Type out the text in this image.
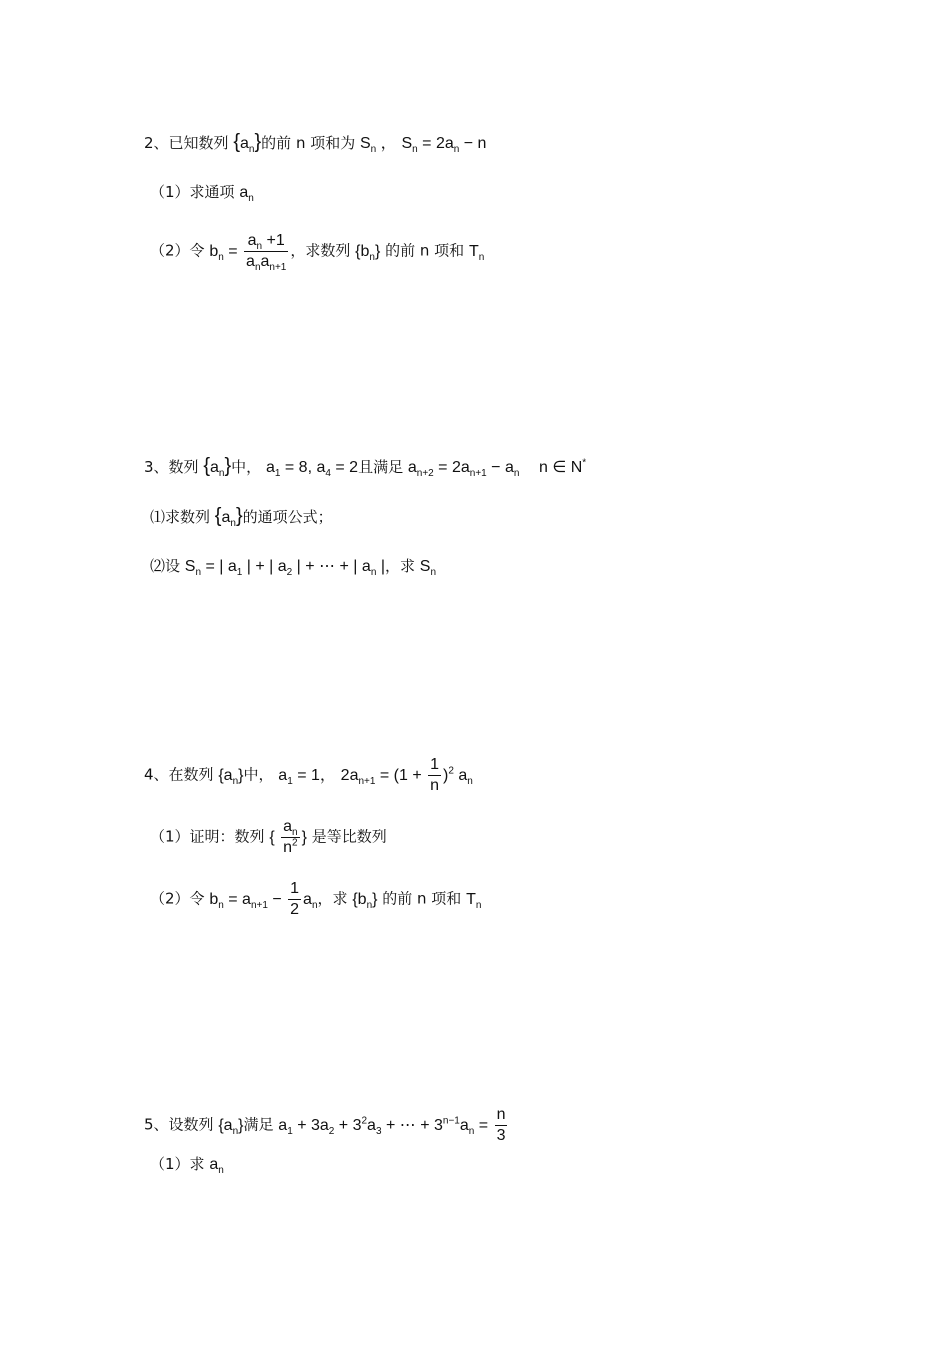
2、已知数列 $\{a_n\}$的前 n 项和为 $S_n$ ， $S_n = 2a_n - n$
（1）求通项 $a_n$
（2）令 $b_n = \frac{a_n +1}{a_na_{n+1}}$ ，求数列 $\{b_n\}$ 的前 n 项和 $T_n$
3、数列 $\{a_n\}$中， $a_1 = 8$, $a_4 = 2$且满足 $a_{n+2} = 2a_{n+1} - a_n$ n ∈ N*
⑴求数列 $\{a_n\}$的通项公式；
⑵设 $S_n$ = | $a_1$ | + | $a_2$ | + ⋯ + | $a_n$ |，求 $S_n$
4、在数列 $\{a_n\}$中， $a_1 = 1$， $2a_{n+1} = (1 + \frac{1}{n} )^2$ $a_n$
（1）证明：数列 { $\frac{a_n}{n^2}$ } 是等比数列
（2）令 $b_n = a_{n+1} - \frac{1}{2} a_n$，求 $\{b_n\}$ 的前 n 项和 $T_n$
5、设数列 $\{a_n\}$满足 $a_1 + 3a_2 + 3^2a_3$ + ⋯ + $3^{n-1}a_n = \frac{n}{3}$
（1）求 $a_n$
